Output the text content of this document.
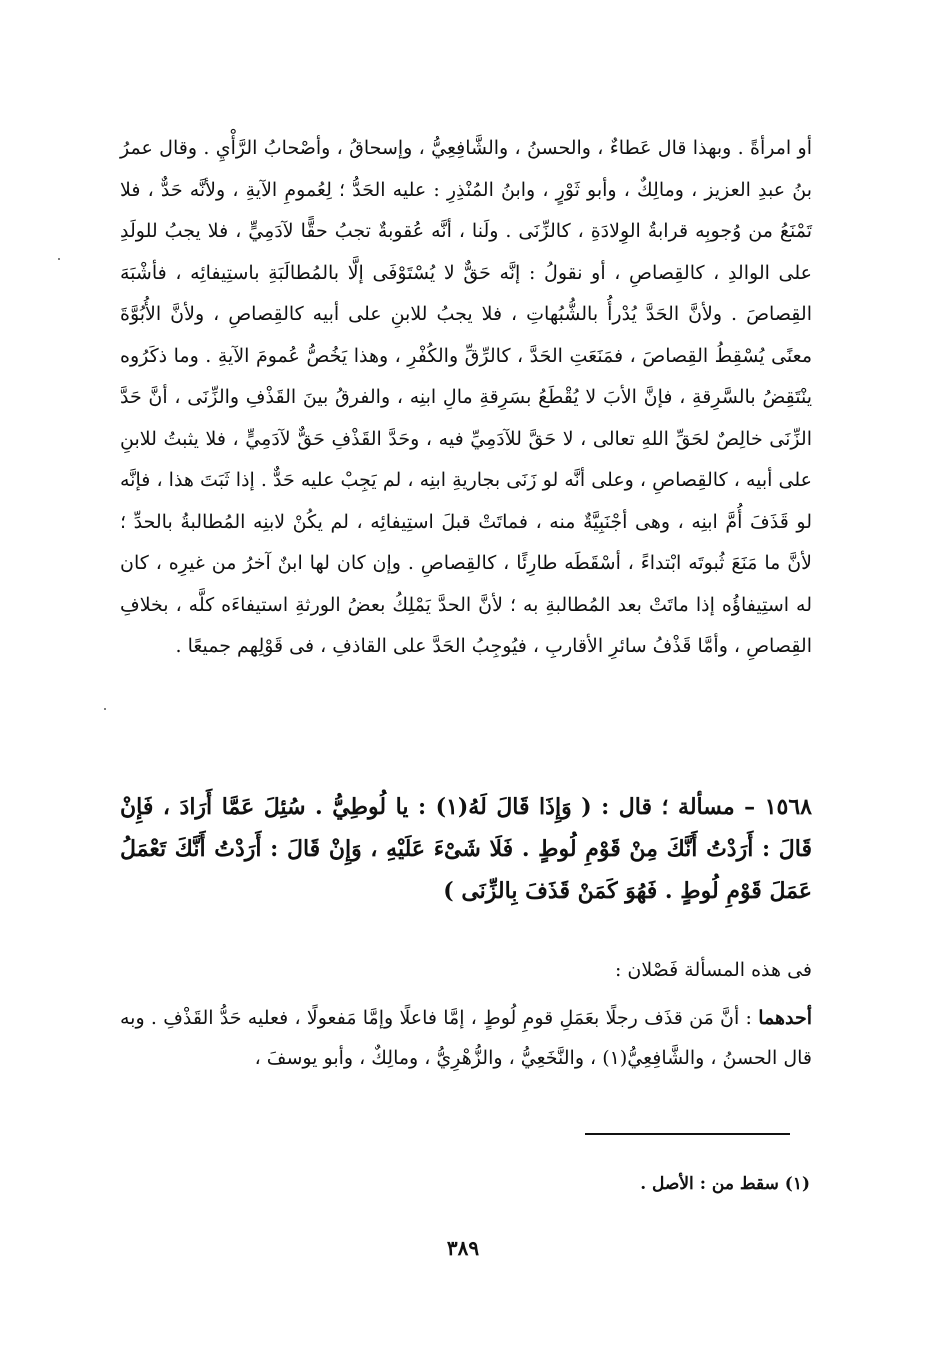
أو امرأةً . وبهذا قال عَطاءٌ ، والحسنُ ، والشَّافِعِيُّ ، وإسحاقُ ، وأصْحابُ الرَّأْيِ . وقال عمرُ بنُ عبدِ العزيز ، ومالِكٌ ، وأبو ثَوْرٍ ، وابنُ المُنْذِرِ : عليه الحَدُّ ؛ لِعُمومِ الآيةِ ، ولأنَّه حَدٌّ ، فلا تَمْنَعُ من وُجوبِه قرابةُ الوِلادَةِ ، كالزِّنَى . ولَنا ، أنَّه عُقوبةٌ تجبُ حقًّا لآدَمِيٍّ ، فلا يجبُ للولَدِ على الوالدِ ، كالقِصاصِ ، أو نقولُ : إنَّه حَقٌّ لا يُسْتَوْفَى إلَّا بالمُطالَبَةِ باستِيفائِه ، فأشْبَهَ القِصاصَ . ولأنَّ الحَدَّ يُدْرأُ بالشُّبُهاتِ ، فلا يجبُ للابنِ على أبيه كالقِصاصِ ، ولأنَّ الأُبُوَّةَ معنًى يُسْقِطُ القِصاصَ ، فمَنَعَتِ الحَدَّ ، كالرِّقِّ والكُفْرِ ، وهذا يَخُصُّ عُمومَ الآيةِ . وما ذكَرُوه ينْتَقِضُ بالسَّرِقةِ ، فإنَّ الأبَ لا يُقْطَعُ بسَرِقةِ مالِ ابنِه ، والفرقُ بينَ القَذْفِ والزِّنَى ، أنَّ حَدَّ الزِّنَى خالِصٌ لحَقِّ اللهِ تعالى ، لا حَقَّ للآدَمِيِّ فيه ، وحَدَّ القَذْفِ حَقٌّ لآدَمِيٍّ ، فلا يثبتُ للابنِ على أبيه ، كالقِصاصِ ، وعلى أنَّه لو زَنَى بجاريةِ ابنِه ، لم يَجِبْ عليه حَدٌّ . إذا ثَبَتَ هذا ، فإنَّه لو قَذَفَ أُمَّ ابنِه ، وهى أجْنَبِيَّةٌ منه ، فماتَتْ قبلَ استِيفائِه ، لم يكُنْ لابنِه المُطالبةُ بالحدِّ ؛ لأنَّ ما مَنَعَ ثُبوتَه ابْتداءً ، أسْقَطَه طارِئًا ، كالقِصاصِ . وإن كان لها ابنٌ آخرُ من غيرِه ، كان له استِيفاؤُه إذا ماتَتْ بعد المُطالبةِ به ؛ لأنَّ الحدَّ يَمْلِكُ بعضُ الورثةِ استيفاءَه كلَّه ، بخلافِ القِصاصِ ، وأمَّا قَذْفُ سائرِ الأقاربِ ، فيُوجِبُ الحَدَّ على القاذفِ ، فى قَوْلِهم جميعًا .
١٥٦٨ – مسألة ؛ قال : ( وَإِذَا قَالَ لَهُ(١) : يا لُوطِيُّ . سُئِلَ عَمَّا أَرَادَ ، فَإِنْ قَالَ : أَرَدْتُ أَنَّكَ مِنْ قَوْمِ لُوطٍ . فَلَا شَىْءَ عَلَيْهِ ، وَإِنْ قَالَ : أَرَدْتُ أَنَّكَ تَعْمَلُ عَمَلَ قَوْمِ لُوطٍ . فَهُوَ كَمَنْ قَذَفَ بِالزِّنَى )
فى هذه المسألة فَصْلان :
أحدهما : أنَّ مَن قذَف رجلًا بعَمَلِ قومِ لُوطٍ ، إمَّا فاعلًا وإمَّا مَفعولًا ، فعليه حَدُّ القَذْفِ . وبه قال الحسنُ ، والشَّافِعِيُّ(١) ، والنَّخَعِيُّ ، والزُّهْرِيُّ ، ومالِكٌ ، وأبو يوسفَ ،
(١) سقط من : الأصل .
٣٨٩
